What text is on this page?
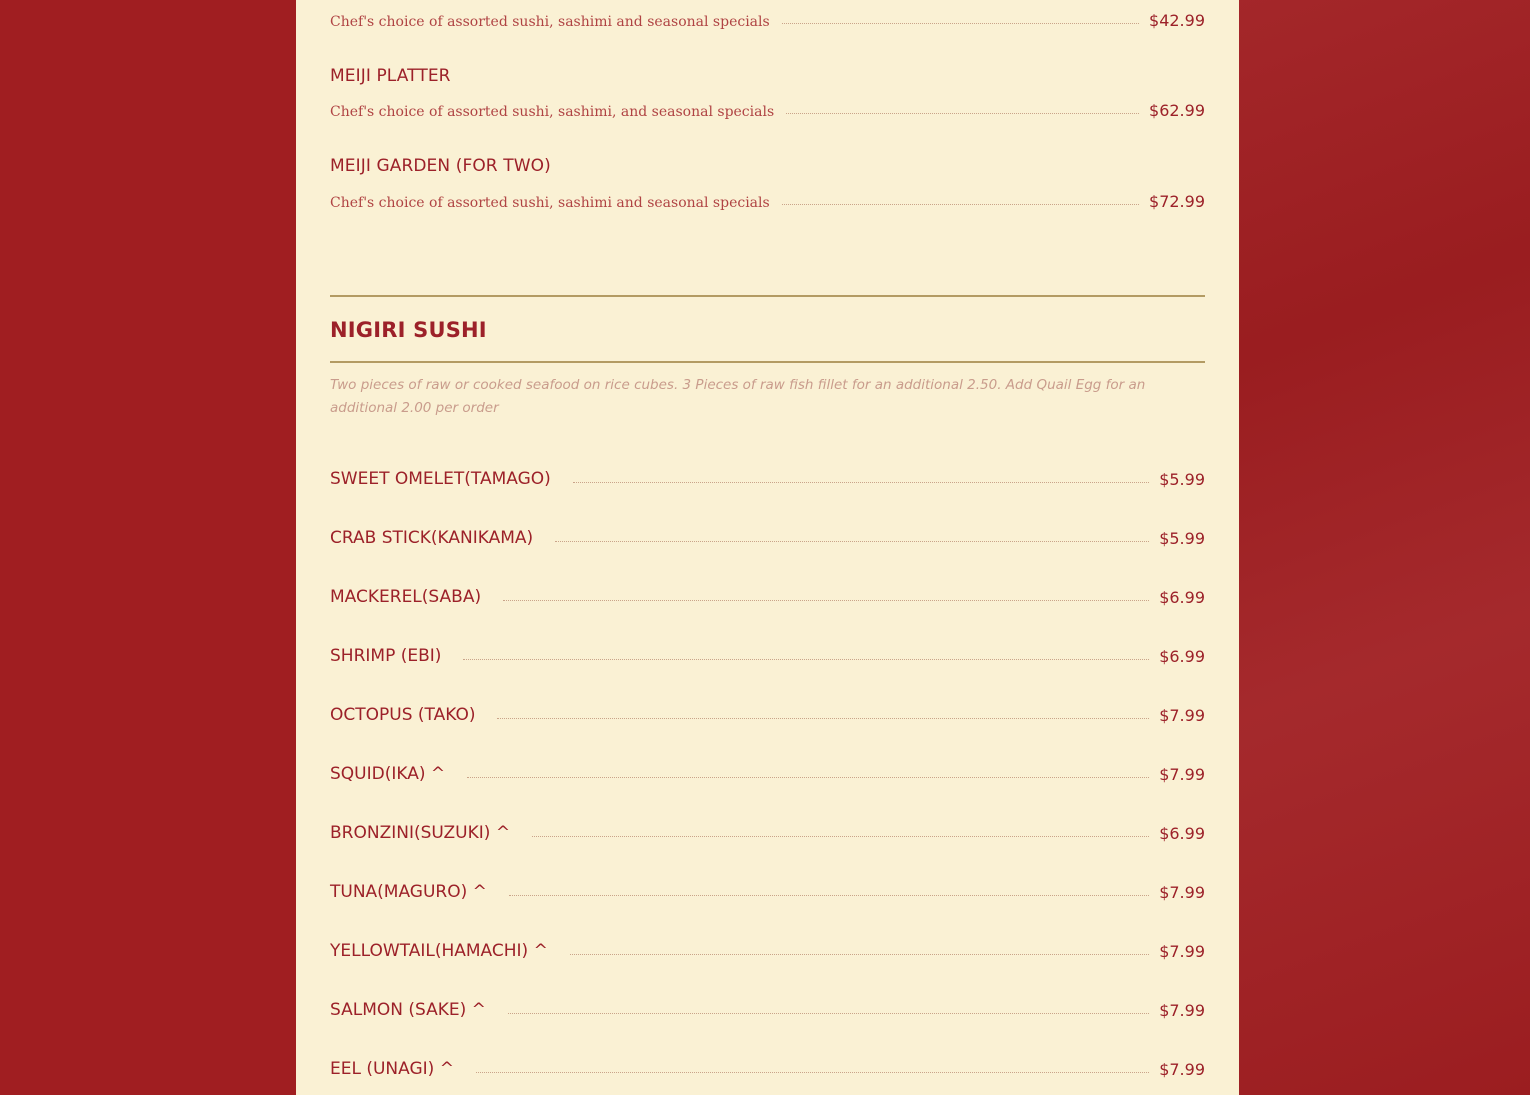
Chef's choice of assorted sushi, sashimi and seasonal specials	$42.99
MEIJI PLATTER
Chef's choice of assorted sushi, sashimi, and seasonal specials	$62.99
MEIJI GARDEN (FOR TWO)
Chef's choice of assorted sushi, sashimi and seasonal specials	$72.99
NIGIRI SUSHI
Two pieces of raw or cooked seafood on rice cubes. 3 Pieces of raw fish fillet for an additional 2.50. Add Quail Egg for an additional 2.00 per order
SWEET OMELET(TAMAGO)	$5.99
CRAB STICK(KANIKAMA)	$5.99
MACKEREL(SABA)	$6.99
SHRIMP (EBI)	$6.99
OCTOPUS (TAKO)	$7.99
SQUID(IKA) ^	$7.99
BRONZINI(SUZUKI) ^	$6.99
TUNA(MAGURO) ^	$7.99
YELLOWTAIL(HAMACHI) ^	$7.99
SALMON (SAKE) ^	$7.99
EEL (UNAGI) ^	$7.99
